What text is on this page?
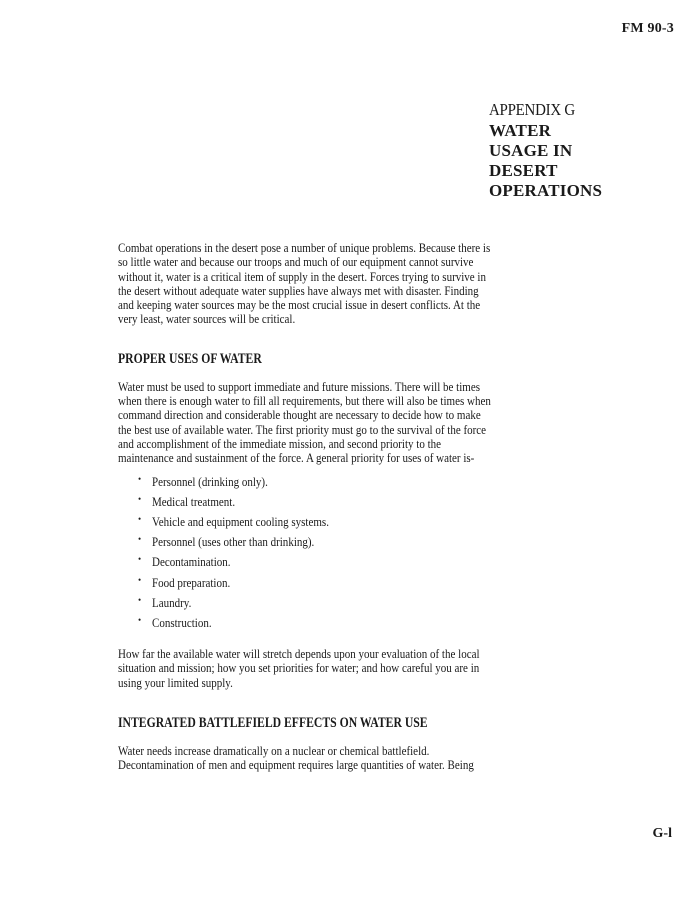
FM 90-3
APPENDIX G
WATER
USAGE IN
DESERT
OPERATIONS

Combat operations in the desert pose a number of unique problems. Because there is so little water and because our troops and much of our equipment cannot survive without it, water is a critical item of supply in the desert. Forces trying to survive in the desert without adequate water supplies have always met with disaster. Finding and keeping water sources may be the most crucial issue in desert conflicts. At the very least, water sources will be critical.

PROPER USES OF WATER

Water must be used to support immediate and future missions. There will be times when there is enough water to fill all requirements, but there will also be times when command direction and considerable thought are necessary to decide how to make the best use of available water. The first priority must go to the survival of the force and accomplishment of the immediate mission, and second priority to the maintenance and sustainment of the force. A general priority for uses of water is-

• Personnel (drinking only).
• Medical treatment.
• Vehicle and equipment cooling systems.
• Personnel (uses other than drinking).
• Decontamination.
• Food preparation.
• Laundry.
• Construction.

How far the available water will stretch depends upon your evaluation of the local situation and mission; how you set priorities for water; and how careful you are in using your limited supply.

INTEGRATED BATTLEFIELD EFFECTS ON WATER USE

Water needs increase dramatically on a nuclear or chemical battlefield. Decontamination of men and equipment requires large quantities of water. Being

G-l
